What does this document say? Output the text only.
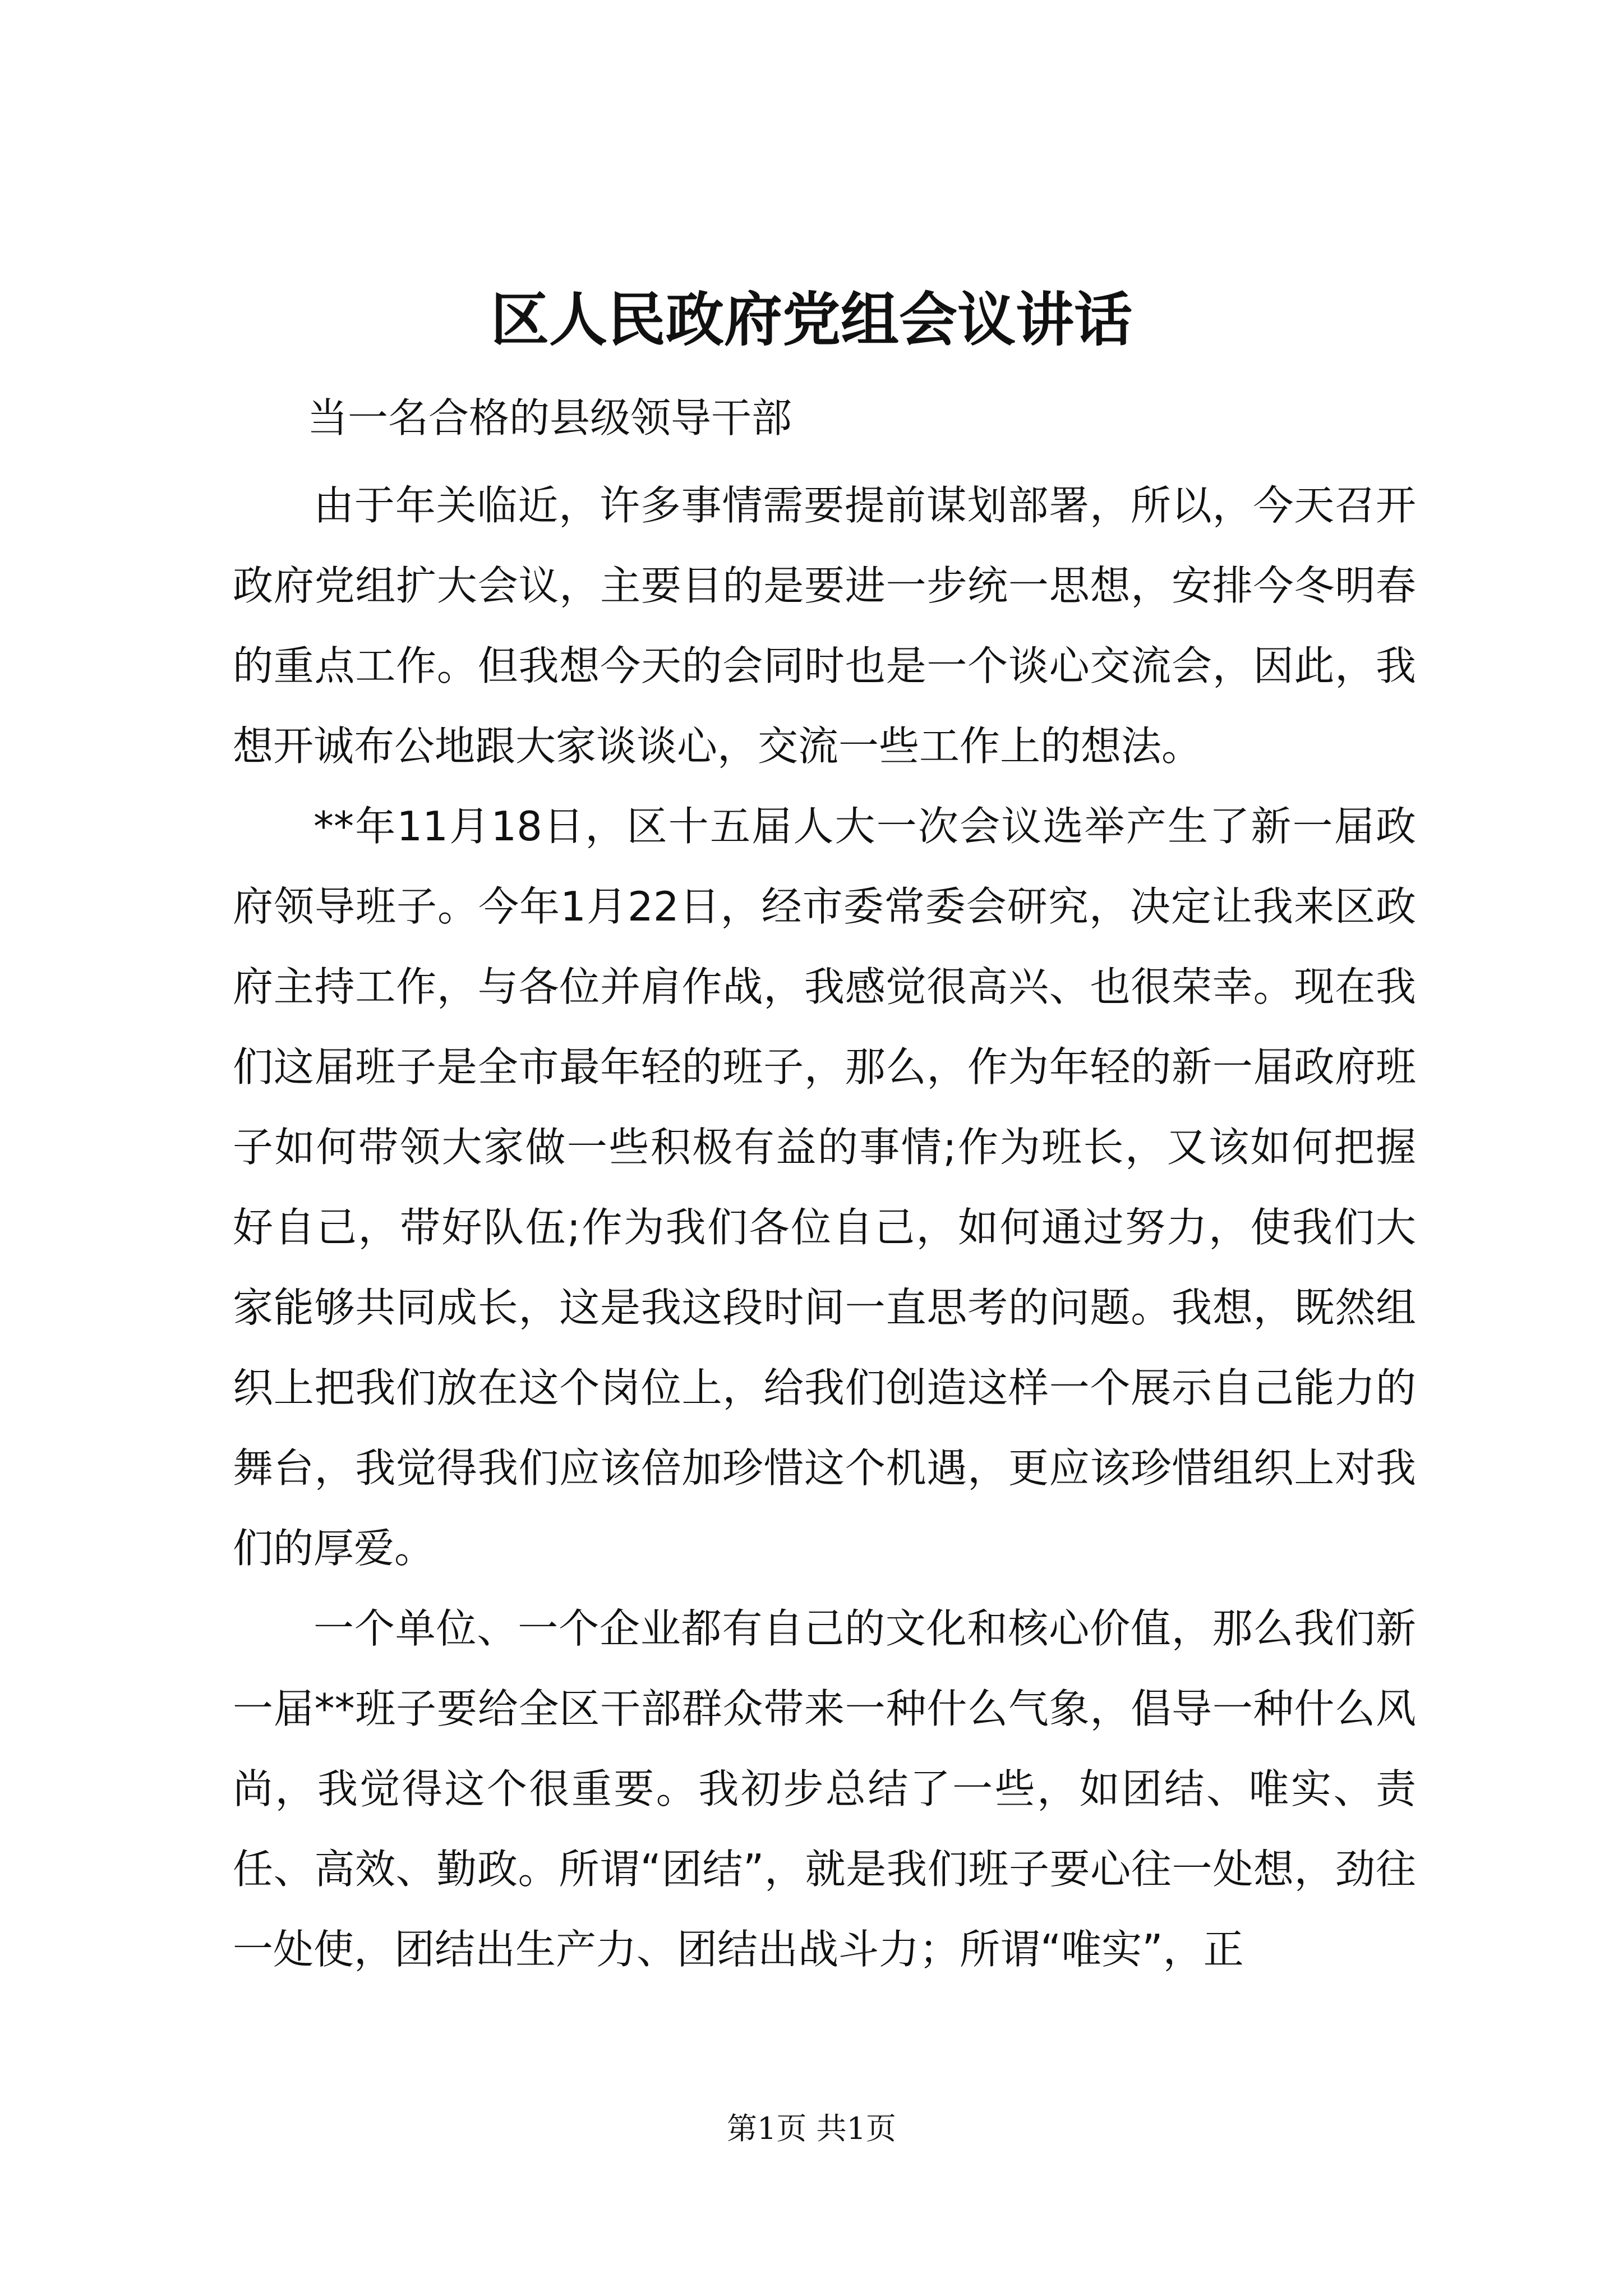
区人民政府党组会议讲话

当一名合格的县级领导干部

由于年关临近，许多事情需要提前谋划部署，所以，今天召开政府党组扩大会议，主要目的是要进一步统一思想，安排今冬明春的重点工作。但我想今天的会同时也是一个谈心交流会，因此，我想开诚布公地跟大家谈谈心，交流一些工作上的想法。

**年11月18日，区十五届人大一次会议选举产生了新一届政府领导班子。今年1月22日，经市委常委会研究，决定让我来区政府主持工作，与各位并肩作战，我感觉很高兴、也很荣幸。现在我们这届班子是全市最年轻的班子，那么，作为年轻的新一届政府班子如何带领大家做一些积极有益的事情;作为班长，又该如何把握好自己，带好队伍;作为我们各位自己，如何通过努力，使我们大家能够共同成长，这是我这段时间一直思考的问题。我想，既然组织上把我们放在这个岗位上，给我们创造这样一个展示自己能力的舞台，我觉得我们应该倍加珍惜这个机遇，更应该珍惜组织上对我们的厚爱。

一个单位、一个企业都有自己的文化和核心价值，那么我们新一届**班子要给全区干部群众带来一种什么气象，倡导一种什么风尚，我觉得这个很重要。我初步总结了一些，如团结、唯实、责任、高效、勤政。所谓“团结”，就是我们班子要心往一处想，劲往一处使，团结出生产力、团结出战斗力；所谓“唯实”，正

第1页 共1页
